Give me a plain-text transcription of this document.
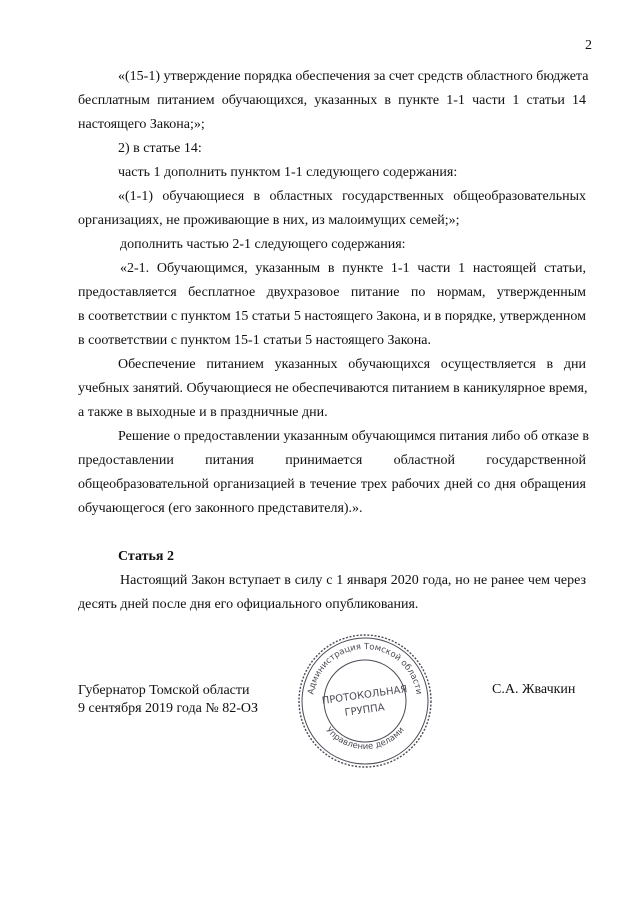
2
«(15-1) утверждение порядка обеспечения за счет средств областного бюджета
бесплатным питанием обучающихся, указанных в пункте 1-1 части 1 статьи 14
настоящего Закона;»;
2) в статье 14:
часть 1 дополнить пунктом 1-1 следующего содержания:
«(1-1) обучающиеся в областных государственных общеобразовательных
организациях, не проживающие в них, из малоимущих семей;»;
дополнить частью 2-1 следующего содержания:
«2-1. Обучающимся, указанным в пункте 1-1 части 1 настоящей статьи,
предоставляется бесплатное двухразовое питание по нормам, утвержденным
в соответствии с пунктом 15 статьи 5 настоящего Закона, и в порядке, утвержденном
в соответствии с пунктом 15-1 статьи 5 настоящего Закона.
Обеспечение питанием указанных обучающихся осуществляется в дни
учебных занятий. Обучающиеся не обеспечиваются питанием в каникулярное время,
а также в выходные и в праздничные дни.
Решение о предоставлении указанным обучающимся питания либо об отказе в
предоставлении питания принимается областной государственной
общеобразовательной организацией в течение трех рабочих дней со дня обращения
обучающегося (его законного представителя).».
Статья 2
Настоящий Закон вступает в силу с 1 января 2020 года, но не ранее чем через
десять дней после дня его официального опубликования.
Губернатор Томской области
9 сентября 2019 года № 82-ОЗ
С.А. Жвачкин
Администрация Томской области
Управление делами
ПРОТОКОЛЬНАЯ
ГРУППА
